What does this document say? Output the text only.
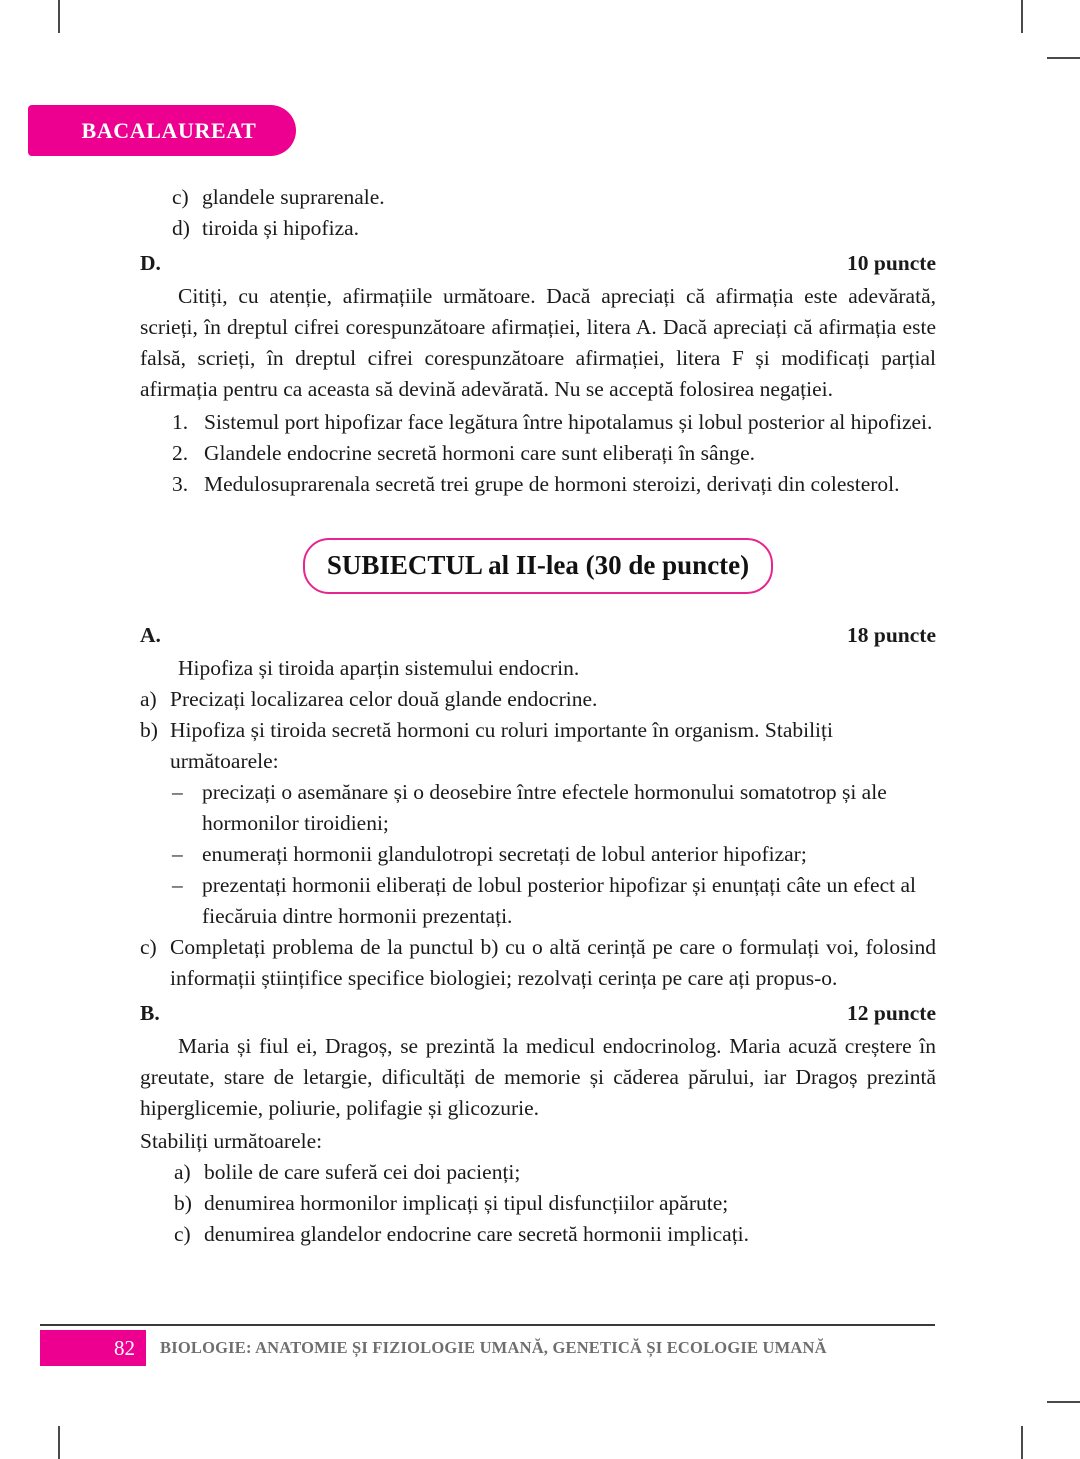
BACALAUREAT
c) glandele suprarenale.
d) tiroida și hipofiza.
D.	10 puncte
Citiți, cu atenție, afirmațiile următoare. Dacă apreciați că afirmația este adevărată, scrieți, în dreptul cifrei corespunzătoare afirmației, litera A. Dacă apreciați că afirmația este falsă, scrieți, în dreptul cifrei corespunzătoare afirmației, litera F și modificați parțial afirmația pentru ca aceasta să devină adevărată. Nu se acceptă folosirea negației.
1. Sistemul port hipofizar face legătura între hipotalamus și lobul posterior al hipofizei.
2. Glandele endocrine secretă hormoni care sunt eliberați în sânge.
3. Medulosuprarenala secretă trei grupe de hormoni steroizi, derivați din colesterol.
SUBIECTUL al II-lea (30 de puncte)
A.	18 puncte
Hipofiza și tiroida aparțin sistemului endocrin.
a) Precizați localizarea celor două glande endocrine.
b) Hipofiza și tiroida secretă hormoni cu roluri importante în organism. Stabiliți următoarele:
– precizați o asemănare și o deosebire între efectele hormonului somatotrop și ale hormonilor tiroidieni;
– enumerați hormonii glandulotropi secretați de lobul anterior hipofizar;
– prezentați hormonii eliberați de lobul posterior hipofizar și enunțați câte un efect al fiecăruia dintre hormonii prezentați.
c) Completați problema de la punctul b) cu o altă cerință pe care o formulați voi, folosind informații științifice specifice biologiei; rezolvați cerința pe care ați propus-o.
B.	12 puncte
Maria și fiul ei, Dragoș, se prezintă la medicul endocrinolog. Maria acuză creștere în greutate, stare de letargie, dificultăți de memorie și căderea părului, iar Dragoș prezintă hiperglicemie, poliurie, polifagie și glicozurie.
Stabiliți următoarele:
a) bolile de care suferă cei doi pacienți;
b) denumirea hormonilor implicați și tipul disfuncțiilor apărute;
c) denumirea glandelor endocrine care secretă hormonii implicați.
82	BIOLOGIE: ANATOMIE ȘI FIZIOLOGIE UMANĂ, GENETICĂ ȘI ECOLOGIE UMANĂ
